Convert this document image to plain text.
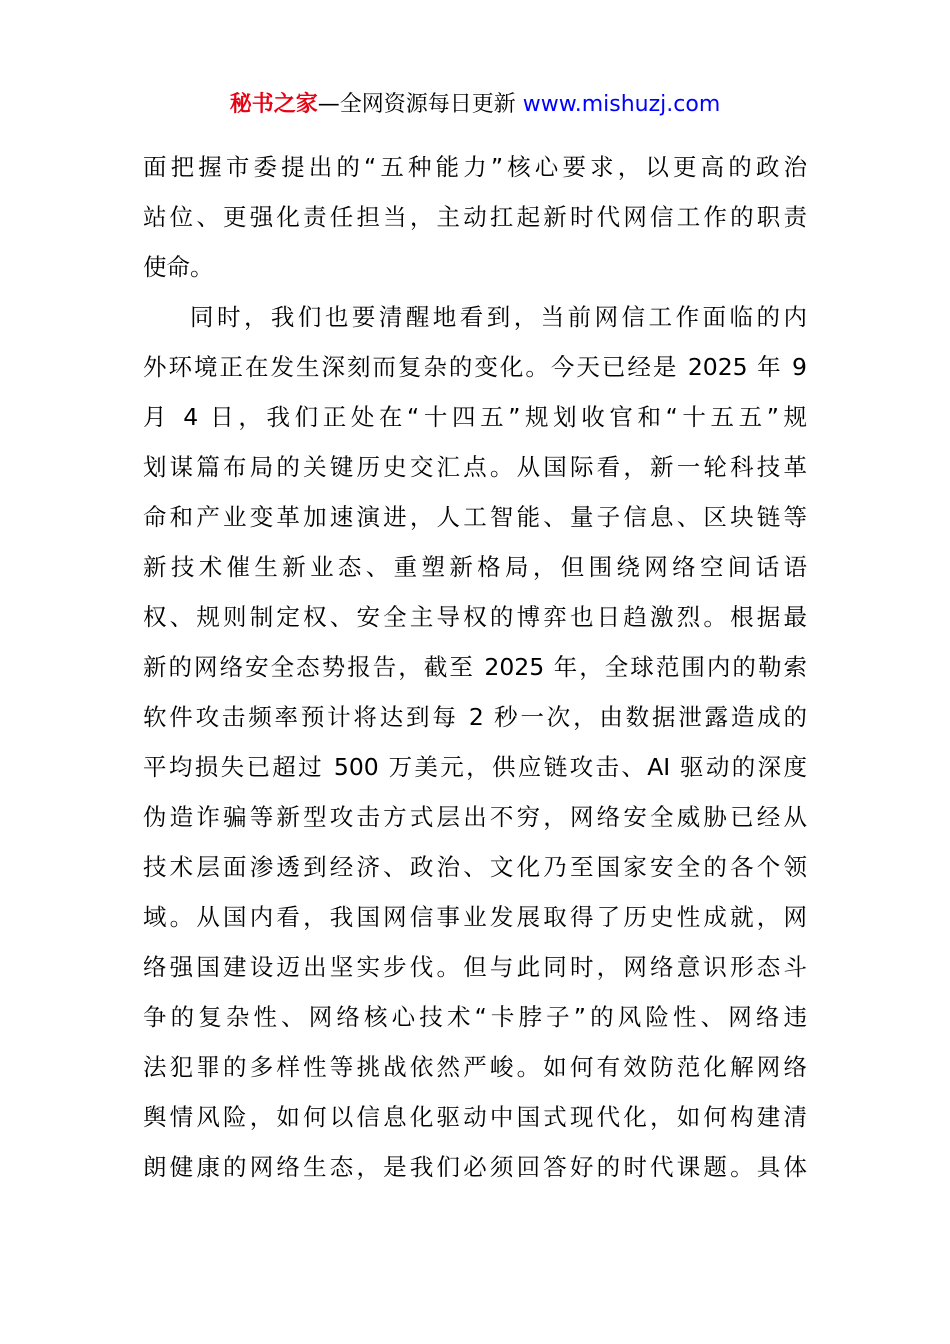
秘书之家—全网资源每日更新 www.mishuzj.com
面把握市委提出的“五种能力”核心要求，以更高的政治
站位、更强化责任担当，主动扛起新时代网信工作的职责
使命。
同时，我们也要清醒地看到，当前网信工作面临的内
外环境正在发生深刻而复杂的变化。今天已经是 2025 年 9
月 4 日，我们正处在“十四五”规划收官和“十五五”规
划谋篇布局的关键历史交汇点。从国际看，新一轮科技革
命和产业变革加速演进，人工智能、量子信息、区块链等
新技术催生新业态、重塑新格局，但围绕网络空间话语
权、规则制定权、安全主导权的博弈也日趋激烈。根据最
新的网络安全态势报告，截至 2025 年，全球范围内的勒索
软件攻击频率预计将达到每 2 秒一次，由数据泄露造成的
平均损失已超过 500 万美元，供应链攻击、AI 驱动的深度
伪造诈骗等新型攻击方式层出不穷，网络安全威胁已经从
技术层面渗透到经济、政治、文化乃至国家安全的各个领
域。从国内看，我国网信事业发展取得了历史性成就，网
络强国建设迈出坚实步伐。但与此同时，网络意识形态斗
争的复杂性、网络核心技术“卡脖子”的风险性、网络违
法犯罪的多样性等挑战依然严峻。如何有效防范化解网络
舆情风险，如何以信息化驱动中国式现代化，如何构建清
朗健康的网络生态，是我们必须回答好的时代课题。具体
